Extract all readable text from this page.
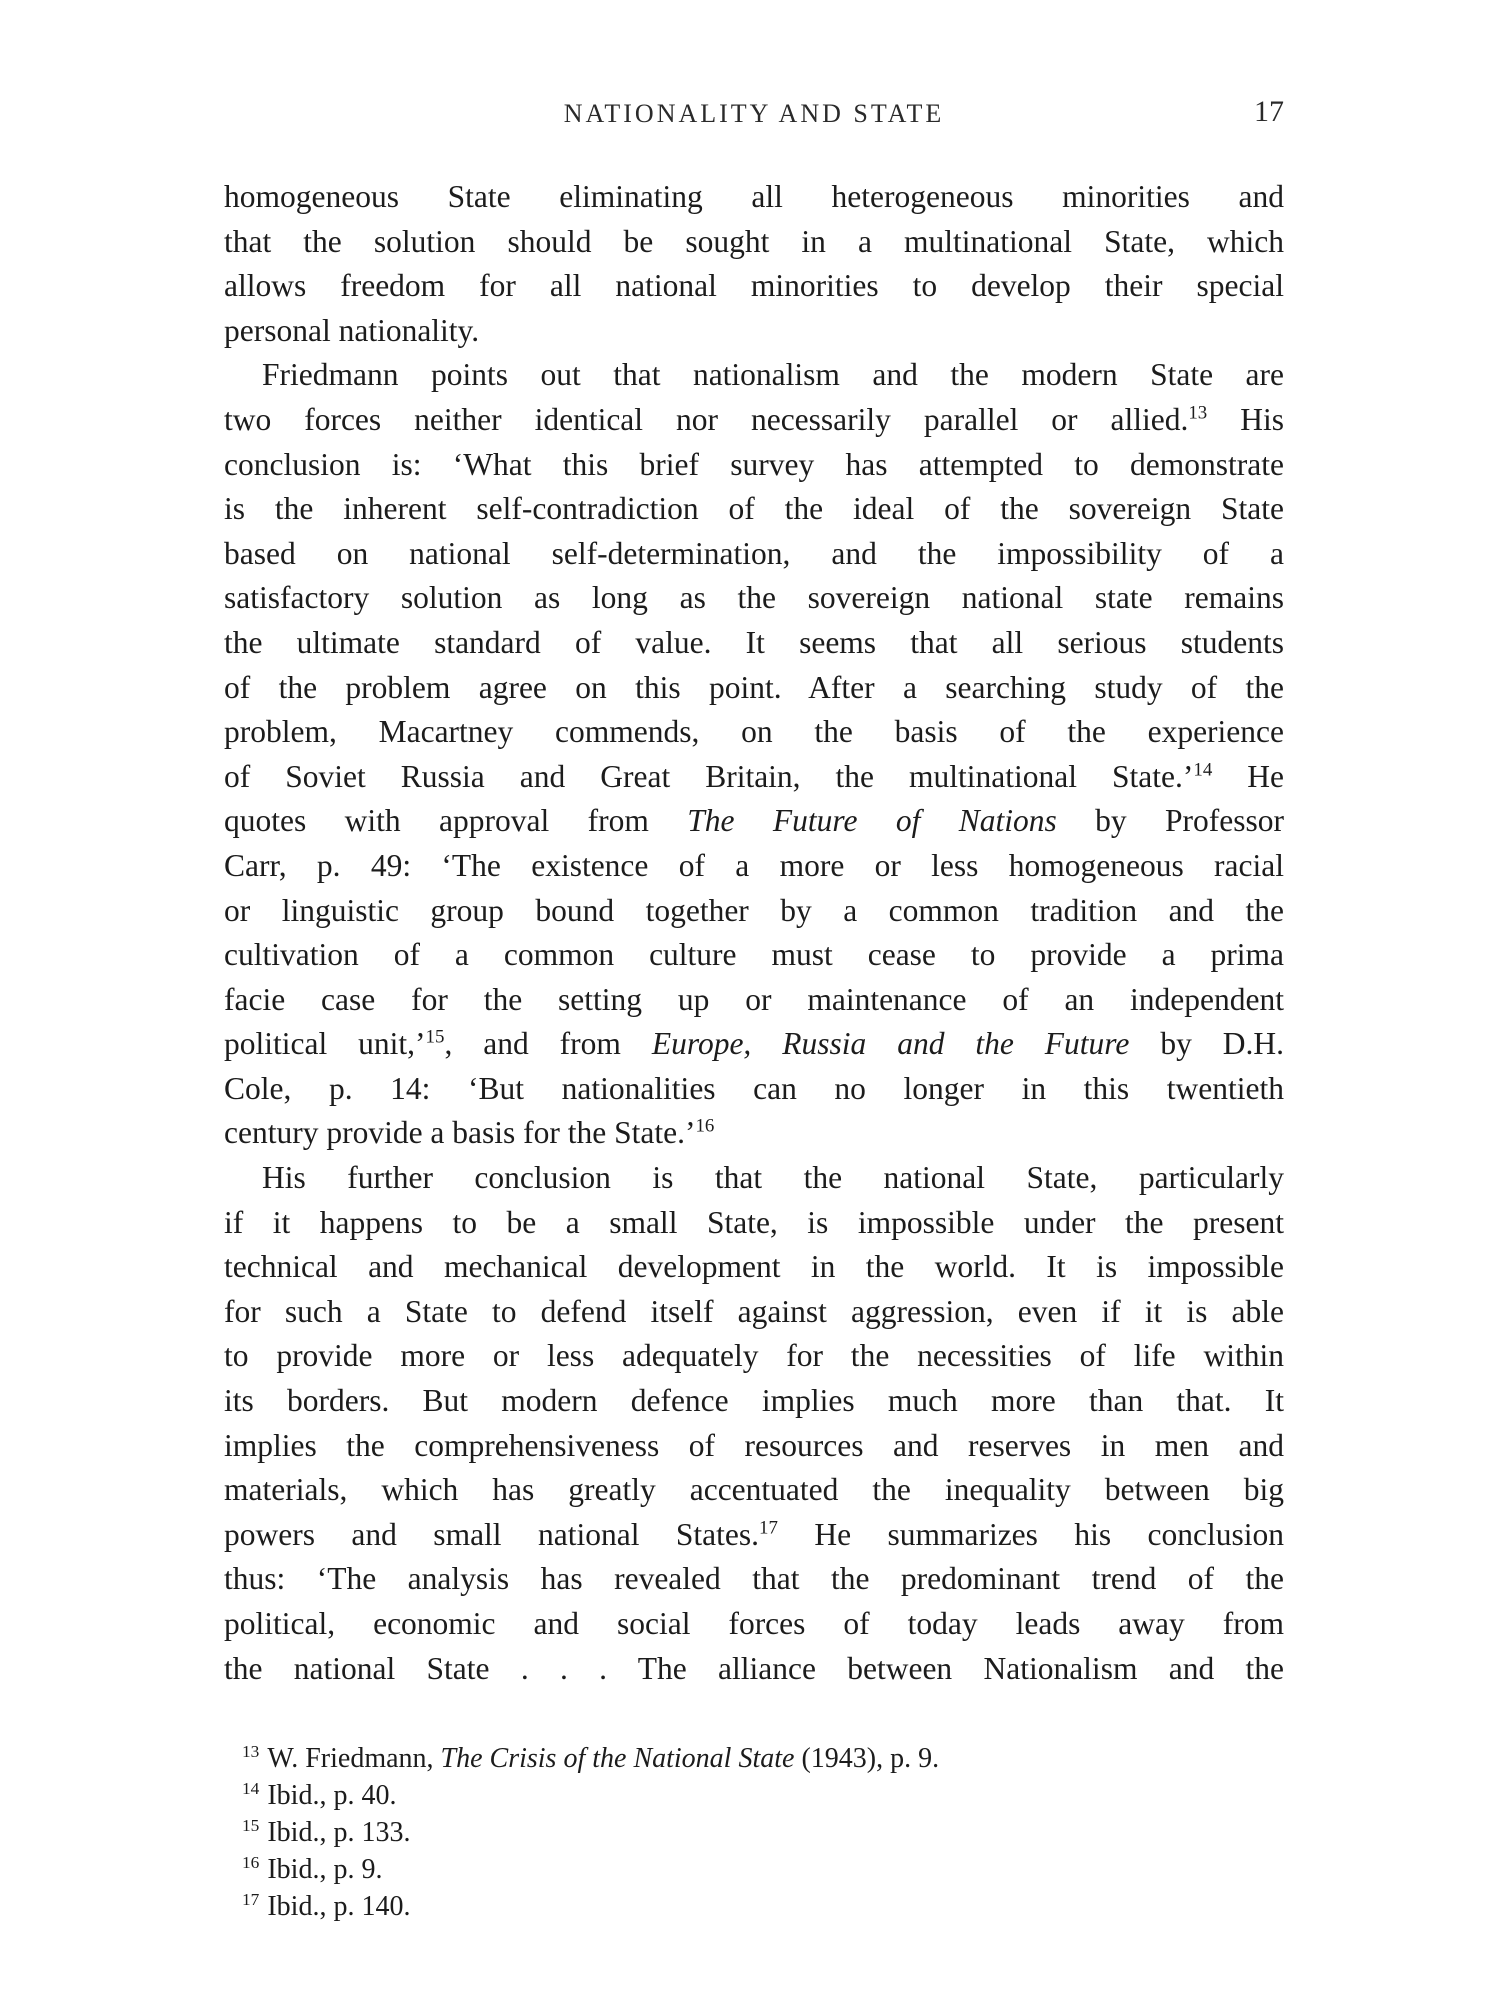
NATIONALITY AND STATE	17
homogeneous State eliminating all heterogeneous minorities and
that the solution should be sought in a multinational State, which
allows freedom for all national minorities to develop their special
personal nationality.
Friedmann points out that nationalism and the modern State are
two forces neither identical nor necessarily parallel or allied.$^{13}$ His
conclusion is: ‘What this brief survey has attempted to demonstrate
is the inherent self-contradiction of the ideal of the sovereign State
based on national self-determination, and the impossibility of a
satisfactory solution as long as the sovereign national state remains
the ultimate standard of value. It seems that all serious students
of the problem agree on this point. After a searching study of the
problem, Macartney commends, on the basis of the experience
of Soviet Russia and Great Britain, the multinational State.’$^{14}$ He
quotes with approval from The Future of Nations by Professor
Carr, p. 49: ‘The existence of a more or less homogeneous racial
or linguistic group bound together by a common tradition and the
cultivation of a common culture must cease to provide a prima
facie case for the setting up or maintenance of an independent
political unit,’$^{15}$, and from Europe, Russia and the Future by D.H.
Cole, p. 14: ‘But nationalities can no longer in this twentieth
century provide a basis for the State.’$^{16}$
His further conclusion is that the national State, particularly
if it happens to be a small State, is impossible under the present
technical and mechanical development in the world. It is impossible
for such a State to defend itself against aggression, even if it is able
to provide more or less adequately for the necessities of life within
its borders. But modern defence implies much more than that. It
implies the comprehensiveness of resources and reserves in men and
materials, which has greatly accentuated the inequality between big
powers and small national States.$^{17}$ He summarizes his conclusion
thus: ‘The analysis has revealed that the predominant trend of the
political, economic and social forces of today leads away from
the national State . . . The alliance between Nationalism and the
$^{13}$ W. Friedmann, The Crisis of the National State (1943), p. 9.
$^{14}$ Ibid., p. 40.
$^{15}$ Ibid., p. 133.
$^{16}$ Ibid., p. 9.
$^{17}$ Ibid., p. 140.
